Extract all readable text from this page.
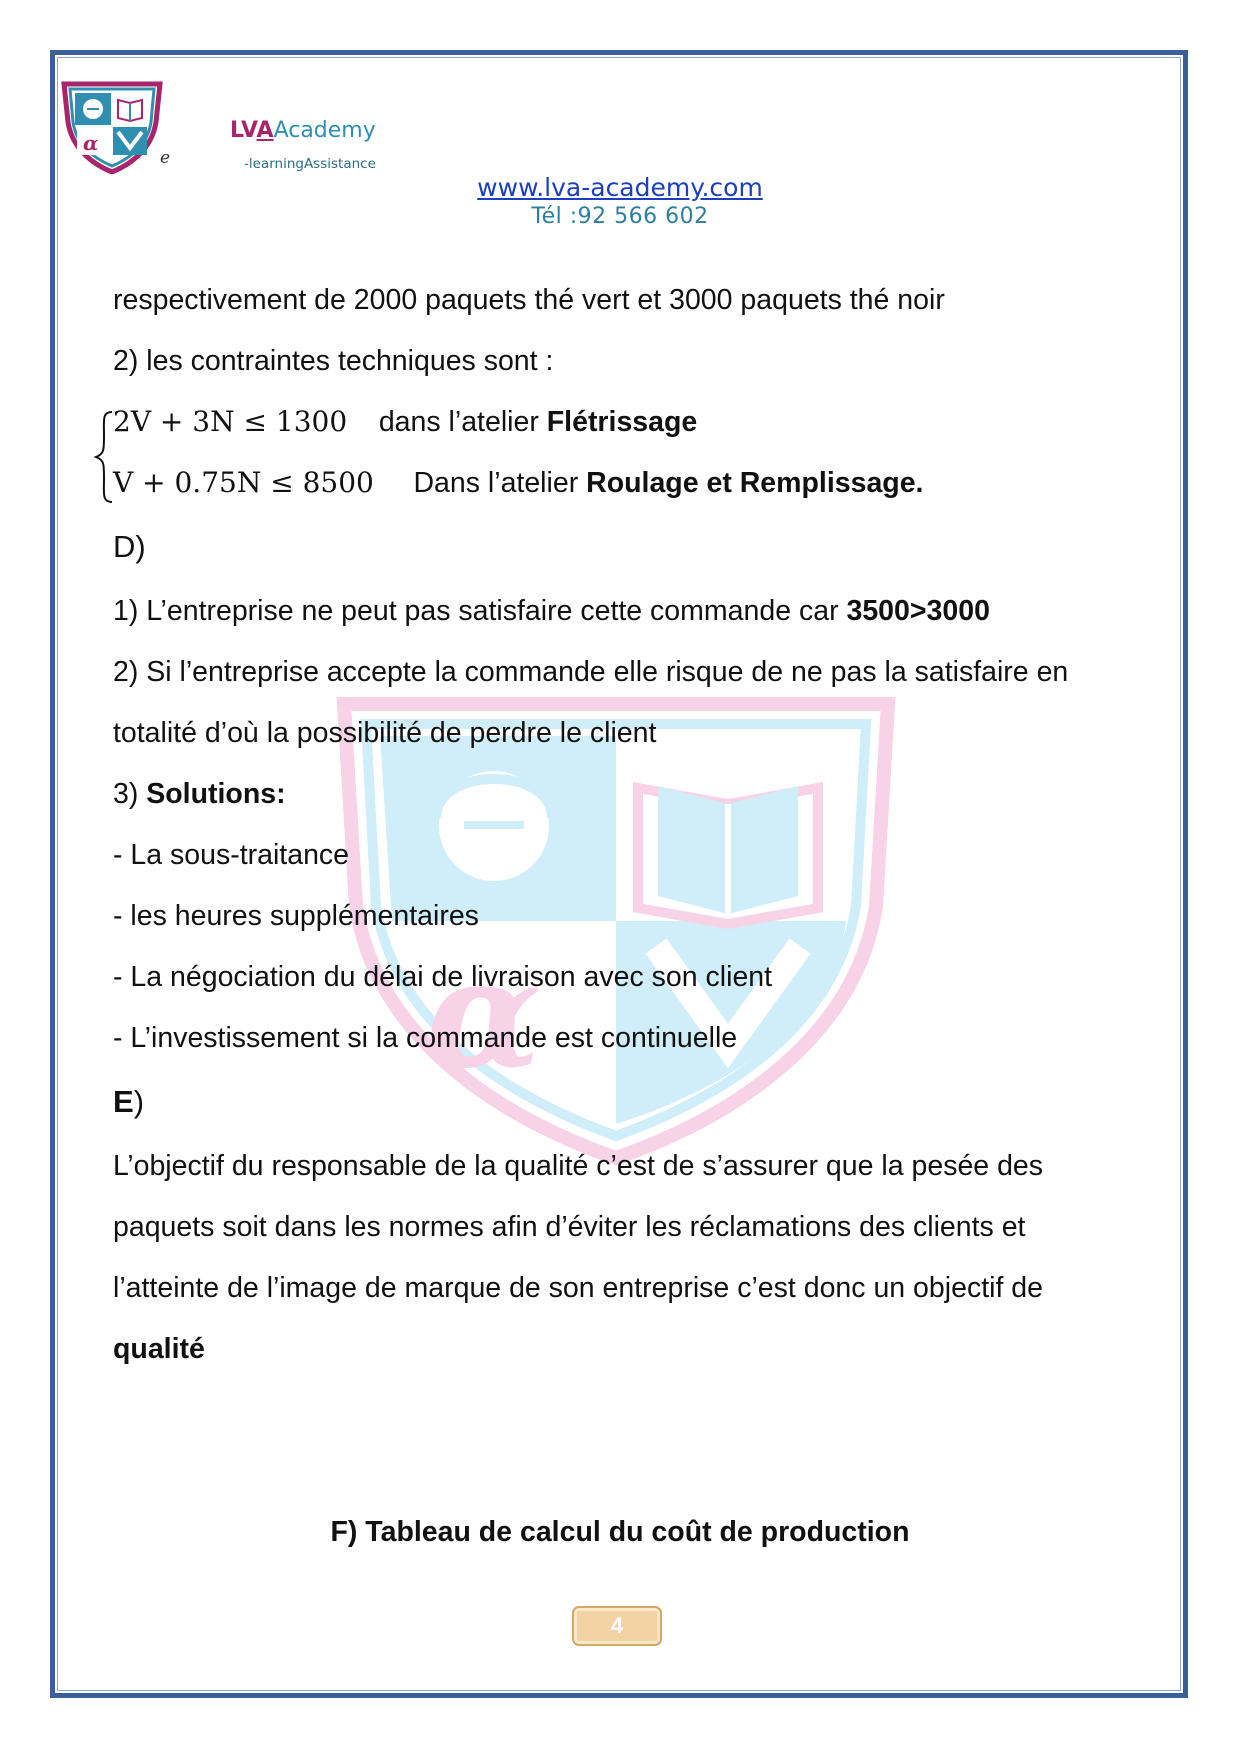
α
e
LVAAcademy
-learningAssistance
www.lva-academy.com
Tél :92 566 602
α
respectivement de 2000 paquets thé vert et 3000 paquets thé noir
2) les contraintes techniques sont :
2V + 3N ≤ 1300 dans l’atelier Flétrissage
V + 0.75N ≤ 8500 Dans l’atelier Roulage et Remplissage.
D)
1) L’entreprise ne peut pas satisfaire cette commande car 3500>3000
2) Si l’entreprise accepte la commande elle risque de ne pas la satisfaire en
totalité d’où la possibilité de perdre le client
3) Solutions:
- La sous-traitance
- les heures supplémentaires
- La négociation du délai de livraison avec son client
- L’investissement si la commande est continuelle
E)
L’objectif du responsable de la qualité c’est de s’assurer que la pesée des
paquets soit dans les normes afin d’éviter les réclamations des clients et
l’atteinte de l’image de marque de son entreprise c’est donc un objectif de
qualité
F) Tableau de calcul du coût de production
4
